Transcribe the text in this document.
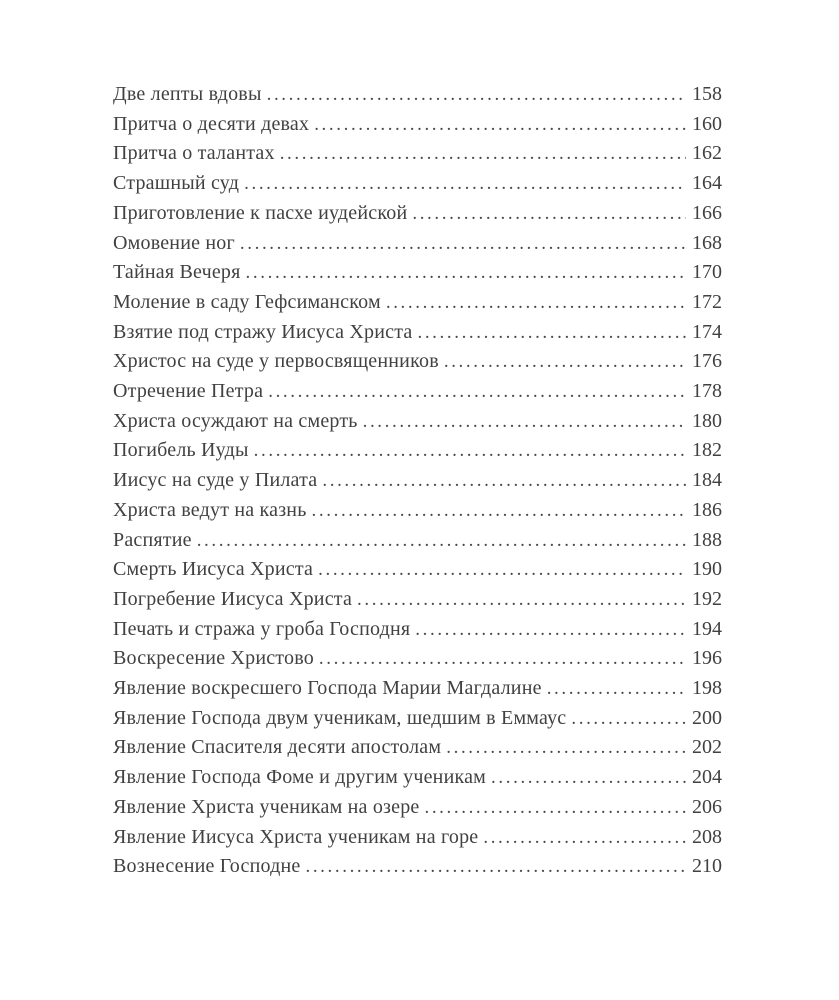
Две лепты вдовы .....	158
Притча о десяти девах .....	160
Притча о талантах .....	162
Страшный суд .....	164
Приготовление к пасхе иудейской .....	166
Омовение ног .....	168
Тайная Вечеря .....	170
Моление в саду Гефсиманском .....	172
Взятие под стражу Иисуса Христа .....	174
Христос на суде у первосвященников .....	176
Отречение Петра .....	178
Христа осуждают на смерть .....	180
Погибель Иуды .....	182
Иисус на суде у Пилата .....	184
Христа ведут на казнь .....	186
Распятие .....	188
Смерть Иисуса Христа .....	190
Погребение Иисуса Христа .....	192
Печать и стража у гроба Господня .....	194
Воскресение Христово .....	196
Явление воскресшего Господа Марии Магдалине .....	198
Явление Господа двум ученикам, шедшим в Еммаус .....	200
Явление Спасителя десяти апостолам .....	202
Явление Господа Фоме и другим ученикам .....	204
Явление Христа ученикам на озере .....	206
Явление Иисуса Христа ученикам на горе .....	208
Вознесение Господне .....	210
